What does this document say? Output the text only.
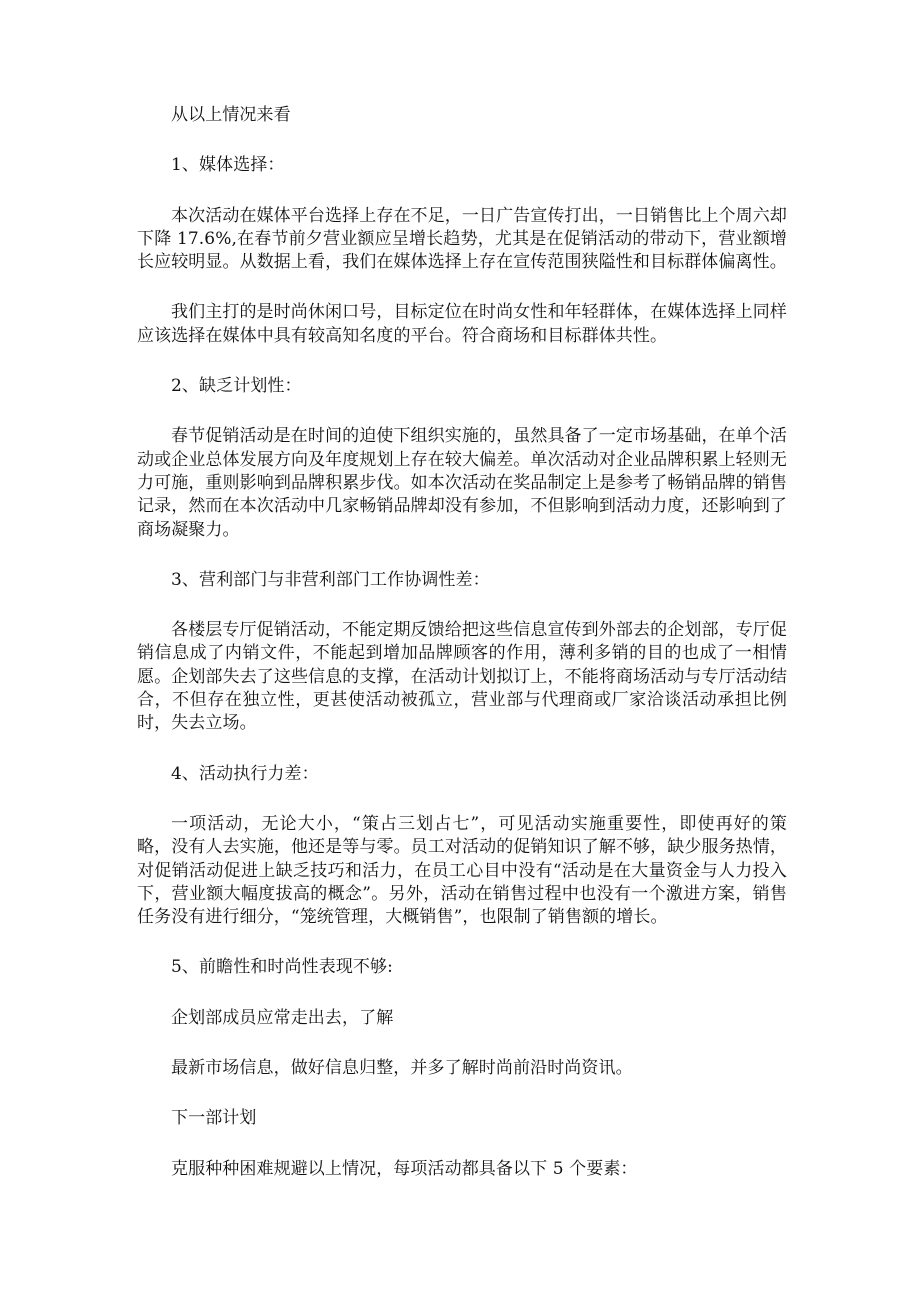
从以上情况来看

1、媒体选择：

本次活动在媒体平台选择上存在不足，一日广告宣传打出，一日销售比上个周六却下降 17.6%,在春节前夕营业额应呈增长趋势，尤其是在促销活动的带动下，营业额增长应较明显。从数据上看，我们在媒体选择上存在宣传范围狭隘性和目标群体偏离性。

我们主打的是时尚休闲口号，目标定位在时尚女性和年轻群体，在媒体选择上同样应该选择在媒体中具有较高知名度的平台。符合商场和目标群体共性。

2、缺乏计划性：

春节促销活动是在时间的迫使下组织实施的，虽然具备了一定市场基础，在单个活动或企业总体发展方向及年度规划上存在较大偏差。单次活动对企业品牌积累上轻则无力可施，重则影响到品牌积累步伐。如本次活动在奖品制定上是参考了畅销品牌的销售记录，然而在本次活动中几家畅销品牌却没有参加，不但影响到活动力度，还影响到了商场凝聚力。

3、营利部门与非营利部门工作协调性差：

各楼层专厅促销活动，不能定期反馈给把这些信息宣传到外部去的企划部，专厅促销信息成了内销文件，不能起到增加品牌顾客的作用，薄利多销的目的也成了一相情愿。企划部失去了这些信息的支撑，在活动计划拟订上，不能将商场活动与专厅活动结合，不但存在独立性，更甚使活动被孤立，营业部与代理商或厂家洽谈活动承担比例时，失去立场。

4、活动执行力差：

一项活动，无论大小，“策占三划占七”，可见活动实施重要性，即使再好的策略，没有人去实施，他还是等与零。员工对活动的促销知识了解不够，缺少服务热情，对促销活动促进上缺乏技巧和活力，在员工心目中没有“活动是在大量资金与人力投入下，营业额大幅度拔高的概念”。另外，活动在销售过程中也没有一个激进方案，销售任务没有进行细分，“笼统管理，大概销售”，也限制了销售额的增长。

5、前瞻性和时尚性表现不够:

企划部成员应常走出去，了解

最新市场信息，做好信息归整，并多了解时尚前沿时尚资讯。

下一部计划

克服种种困难规避以上情况，每项活动都具备以下 5 个要素：
